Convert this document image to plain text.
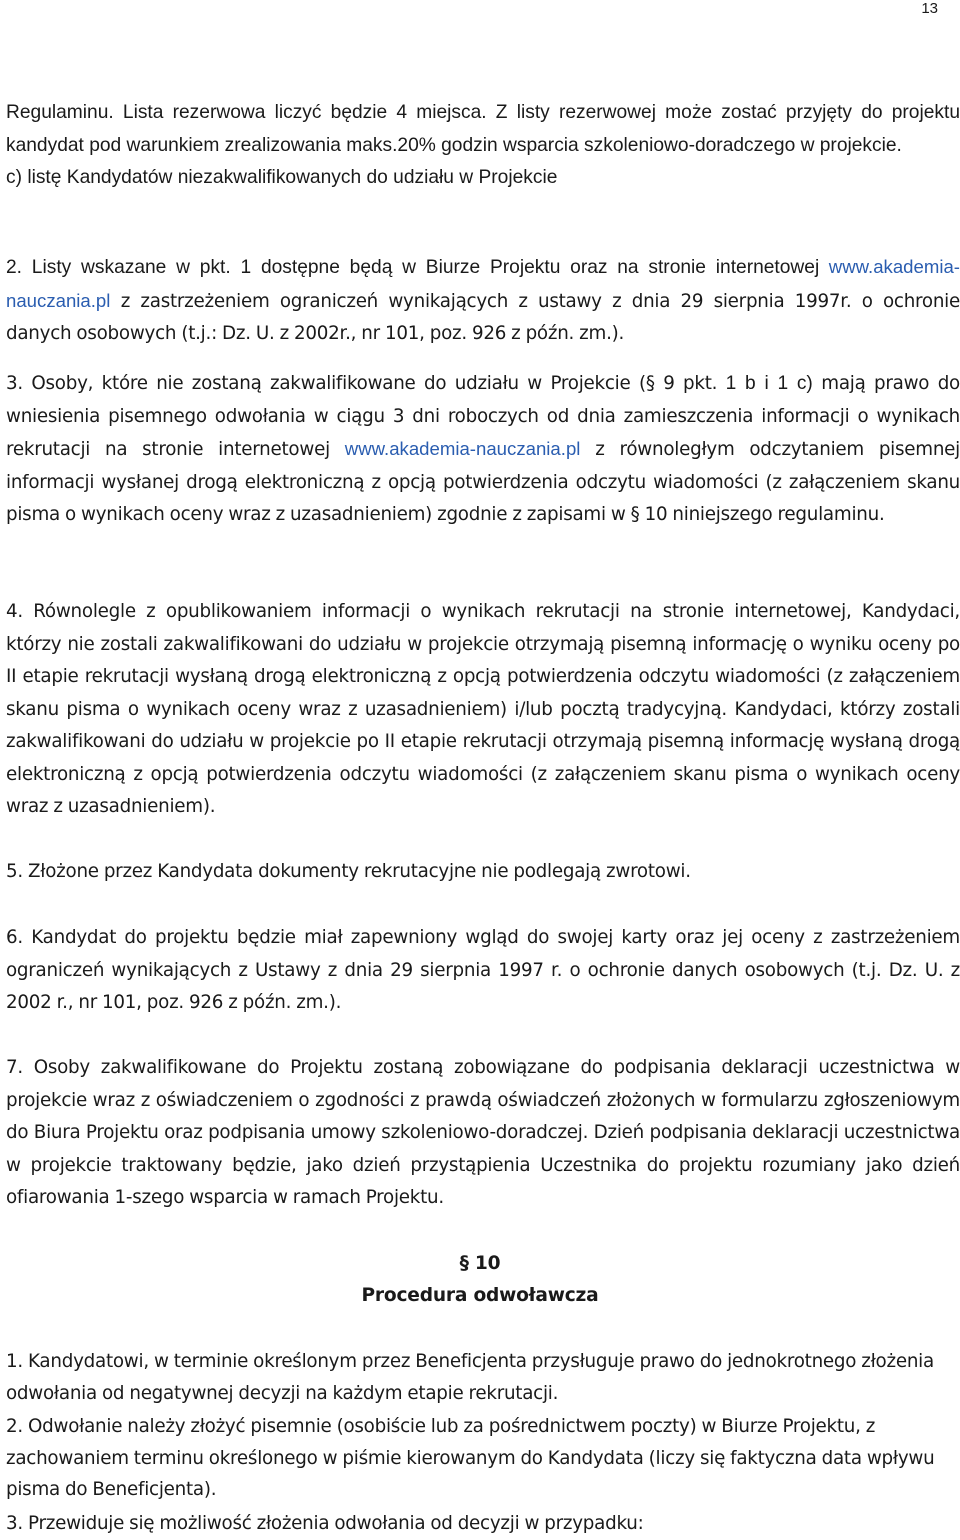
13

Regulaminu. Lista rezerwowa liczyć będzie 4 miejsca. Z listy rezerwowej może zostać przyjęty do projektu kandydat pod warunkiem zrealizowania maks.20% godzin wsparcia szkoleniowo-doradczego w projekcie.
c) listę Kandydatów niezakwalifikowanych do udziału w Projekcie

2. Listy wskazane w pkt. 1 dostępne będą w Biurze Projektu oraz na stronie internetowej www.akademia-nauczania.pl z zastrzeżeniem ograniczeń wynikających z ustawy z dnia 29 sierpnia 1997r. o ochronie danych osobowych (t.j.: Dz. U. z 2002r., nr 101, poz. 926 z późn. zm.).

3. Osoby, które nie zostaną zakwalifikowane do udziału w Projekcie (§ 9 pkt. 1 b i 1 c) mają prawo do wniesienia pisemnego odwołania w ciągu 3 dni roboczych od dnia zamieszczenia informacji o wynikach rekrutacji na stronie internetowej www.akademia-nauczania.pl z równoległym odczytaniem pisemnej informacji wysłanej drogą elektroniczną z opcją potwierdzenia odczytu wiadomości (z załączeniem skanu pisma o wynikach oceny wraz z uzasadnieniem) zgodnie z zapisami w § 10 niniejszego regulaminu.

4. Równolegle z opublikowaniem informacji o wynikach rekrutacji na stronie internetowej, Kandydaci, którzy nie zostali zakwalifikowani do udziału w projekcie otrzymają pisemną informację o wyniku oceny po II etapie rekrutacji wysłaną drogą elektroniczną z opcją potwierdzenia odczytu wiadomości (z załączeniem skanu pisma o wynikach oceny wraz z uzasadnieniem) i/lub pocztą tradycyjną. Kandydaci, którzy zostali zakwalifikowani do udziału w projekcie po II etapie rekrutacji otrzymają pisemną informację wysłaną drogą elektroniczną z opcją potwierdzenia odczytu wiadomości (z załączeniem skanu pisma o wynikach oceny wraz z uzasadnieniem).

5. Złożone przez Kandydata dokumenty rekrutacyjne nie podlegają zwrotowi.

6. Kandydat do projektu będzie miał zapewniony wgląd do swojej karty oraz jej oceny z zastrzeżeniem ograniczeń wynikających z Ustawy z dnia 29 sierpnia 1997 r. o ochronie danych osobowych (t.j. Dz. U. z 2002 r., nr 101, poz. 926 z późn. zm.).

7. Osoby zakwalifikowane do Projektu zostaną zobowiązane do podpisania deklaracji uczestnictwa w projekcie wraz z oświadczeniem o zgodności z prawdą oświadczeń złożonych w formularzu zgłoszeniowym do Biura Projektu oraz podpisania umowy szkoleniowo-doradczej. Dzień podpisania deklaracji uczestnictwa w projekcie traktowany będzie, jako dzień przystąpienia Uczestnika do projektu rozumiany jako dzień ofiarowania 1-szego wsparcia w ramach Projektu.

§ 10
Procedura odwoławcza

1. Kandydatowi, w terminie określonym przez Beneficjenta przysługuje prawo do jednokrotnego złożenia odwołania od negatywnej decyzji na każdym etapie rekrutacji.

2. Odwołanie należy złożyć pisemnie (osobiście lub za pośrednictwem poczty) w Biurze Projektu, z zachowaniem terminu określonego w piśmie kierowanym do Kandydata (liczy się faktyczna data wpływu pisma do Beneficjenta).

3. Przewiduje się możliwość złożenia odwołania od decyzji w przypadku:
